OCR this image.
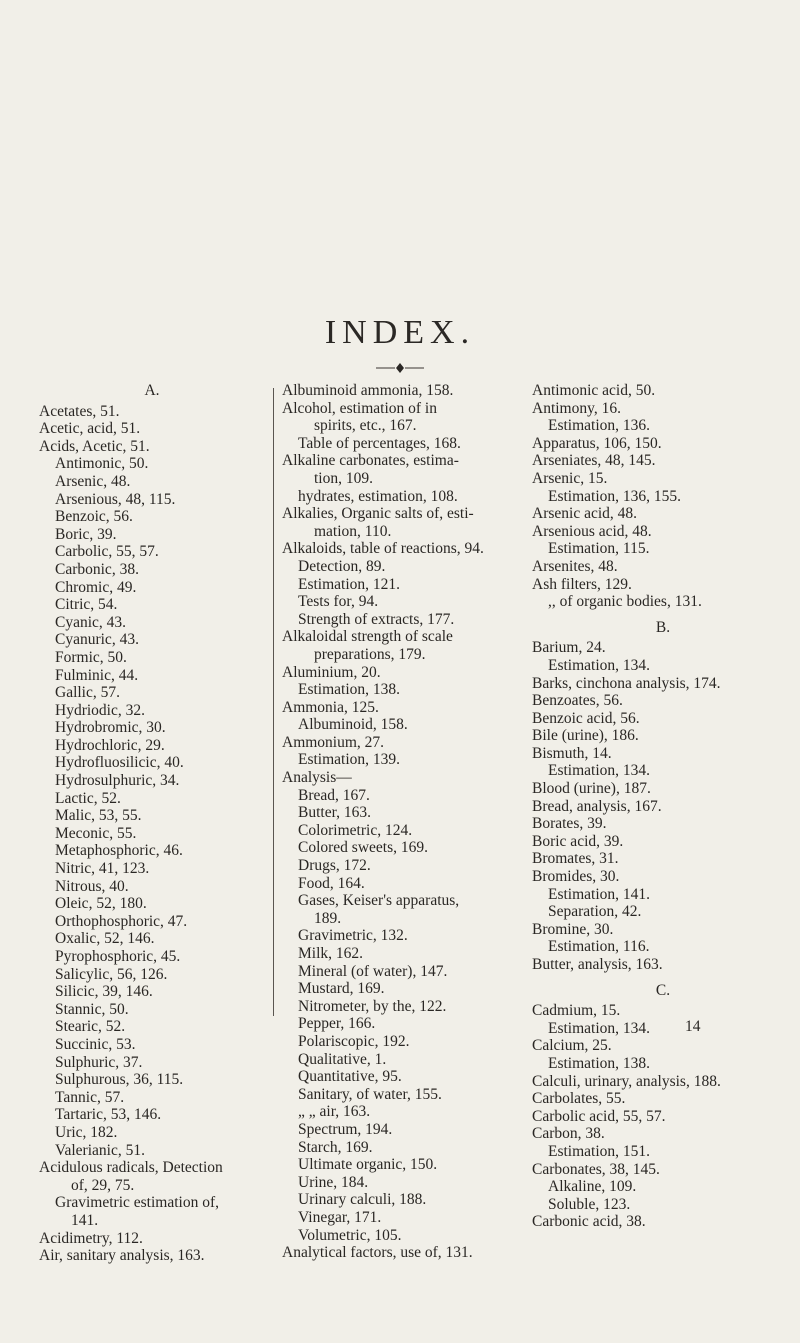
INDEX.
A.
Acetates, 51.
Acetic, acid, 51.
Acids, Acetic, 51.
Antimonic, 50.
Arsenic, 48.
Arsenious, 48, 115.
Benzoic, 56.
Boric, 39.
Carbolic, 55, 57.
Carbonic, 38.
Chromic, 49.
Citric, 54.
Cyanic, 43.
Cyanuric, 43.
Formic, 50.
Fulminic, 44.
Gallic, 57.
Hydriodic, 32.
Hydrobromic, 30.
Hydrochloric, 29.
Hydrofluosilicic, 40.
Hydrosulphuric, 34.
Lactic, 52.
Malic, 53, 55.
Meconic, 55.
Metaphosphoric, 46.
Nitric, 41, 123.
Nitrous, 40.
Oleic, 52, 180.
Orthophosphoric, 47.
Oxalic, 52, 146.
Pyrophosphoric, 45.
Salicylic, 56, 126.
Silicic, 39, 146.
Stannic, 50.
Stearic, 52.
Succinic, 53.
Sulphuric, 37.
Sulphurous, 36, 115.
Tannic, 57.
Tartaric, 53, 146.
Uric, 182.
Valerianic, 51.
Acidulous radicals, Detection
of, 29, 75.
Gravimetric estimation of,
141.
Acidimetry, 112.
Air, sanitary analysis, 163.
Albuminoid ammonia, 158.
Alcohol, estimation of in
spirits, etc., 167.
Table of percentages, 168.
Alkaline carbonates, estima-
tion, 109.
hydrates, estimation, 108.
Alkalies, Organic salts of, esti-
mation, 110.
Alkaloids, table of reactions, 94.
Detection, 89.
Estimation, 121.
Tests for, 94.
Strength of extracts, 177.
Alkaloidal strength of scale
preparations, 179.
Aluminium, 20.
Estimation, 138.
Ammonia, 125.
Albuminoid, 158.
Ammonium, 27.
Estimation, 139.
Analysis—
Bread, 167.
Butter, 163.
Colorimetric, 124.
Colored sweets, 169.
Drugs, 172.
Food, 164.
Gases, Keiser's apparatus,
189.
Gravimetric, 132.
Milk, 162.
Mineral (of water), 147.
Mustard, 169.
Nitrometer, by the, 122.
Pepper, 166.
Polariscopic, 192.
Qualitative, 1.
Quantitative, 95.
Sanitary, of water, 155.
„ „ air, 163.
Spectrum, 194.
Starch, 169.
Ultimate organic, 150.
Urine, 184.
Urinary calculi, 188.
Vinegar, 171.
Volumetric, 105.
Analytical factors, use of, 131.
Antimonic acid, 50.
Antimony, 16.
Estimation, 136.
Apparatus, 106, 150.
Arseniates, 48, 145.
Arsenic, 15.
Estimation, 136, 155.
Arsenic acid, 48.
Arsenious acid, 48.
Estimation, 115.
Arsenites, 48.
Ash filters, 129.
,, of organic bodies, 131.
B.
Barium, 24.
Estimation, 134.
Barks, cinchona analysis, 174.
Benzoates, 56.
Benzoic acid, 56.
Bile (urine), 186.
Bismuth, 14.
Estimation, 134.
Blood (urine), 187.
Bread, analysis, 167.
Borates, 39.
Boric acid, 39.
Bromates, 31.
Bromides, 30.
Estimation, 141.
Separation, 42.
Bromine, 30.
Estimation, 116.
Butter, analysis, 163.
C.
Cadmium, 15.
Estimation, 134.
Calcium, 25.
Estimation, 138.
Calculi, urinary, analysis, 188.
Carbolates, 55.
Carbolic acid, 55, 57.
Carbon, 38.
Estimation, 151.
Carbonates, 38, 145.
Alkaline, 109.
Soluble, 123.
Carbonic acid, 38.
14
